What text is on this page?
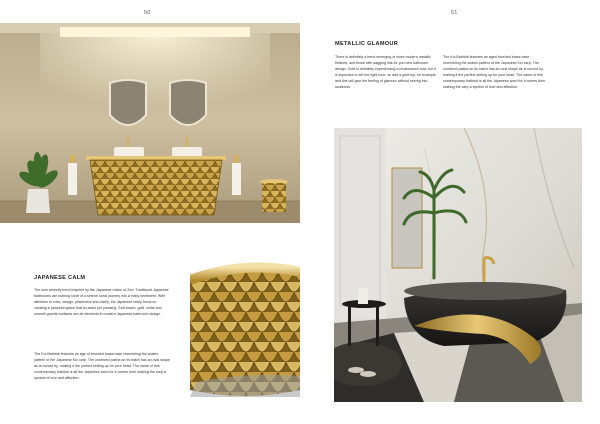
50
JAPANESE CALM

The new serenity trend inspired by the Japanese notion of Zen. Traditional Japanese bathrooms are nothing short of a serene sonic journey into a misty sentiment. With attention to color, design, placement and clarity, the Japanese really focus on creating a peaceful space that is useful yet pleasing. Soft brown, gold, white and smooth granite surfaces are all elements in modern Japanese bathroom design.

The Koi Bathtub features an age of brushed brass base resembling the scales pattern of the Japanese Koi carp. The contrived patina on its hatch has an oval shape as is curved by, making it the perfect setting up for your head. The name of this contemporary bathtub is all the Japanese word for it comes from making the carp a symbol of love and affection.

51
METALLIC GLAMOUR

There is definitely a trend emerging of more modern metallic finishes, and those with sagging lots for you new bathroom design. Gold is definitely experiencing a renaissance now, but it is important to set the right tone, so add a gold top, for example, and this will give the feeling of glamour without seeing into tackiness.

The Koi Bathtub features an aged brushed brass base resembling the scales pattern of the Japanese Koi carp. The contrived patina on its hatch has an oval shape as is curved by, making it the perfect setting up for your head. The name of this contemporary bathtub is all the Japanese word for it comes from making the carp a symbol of love and affection.
